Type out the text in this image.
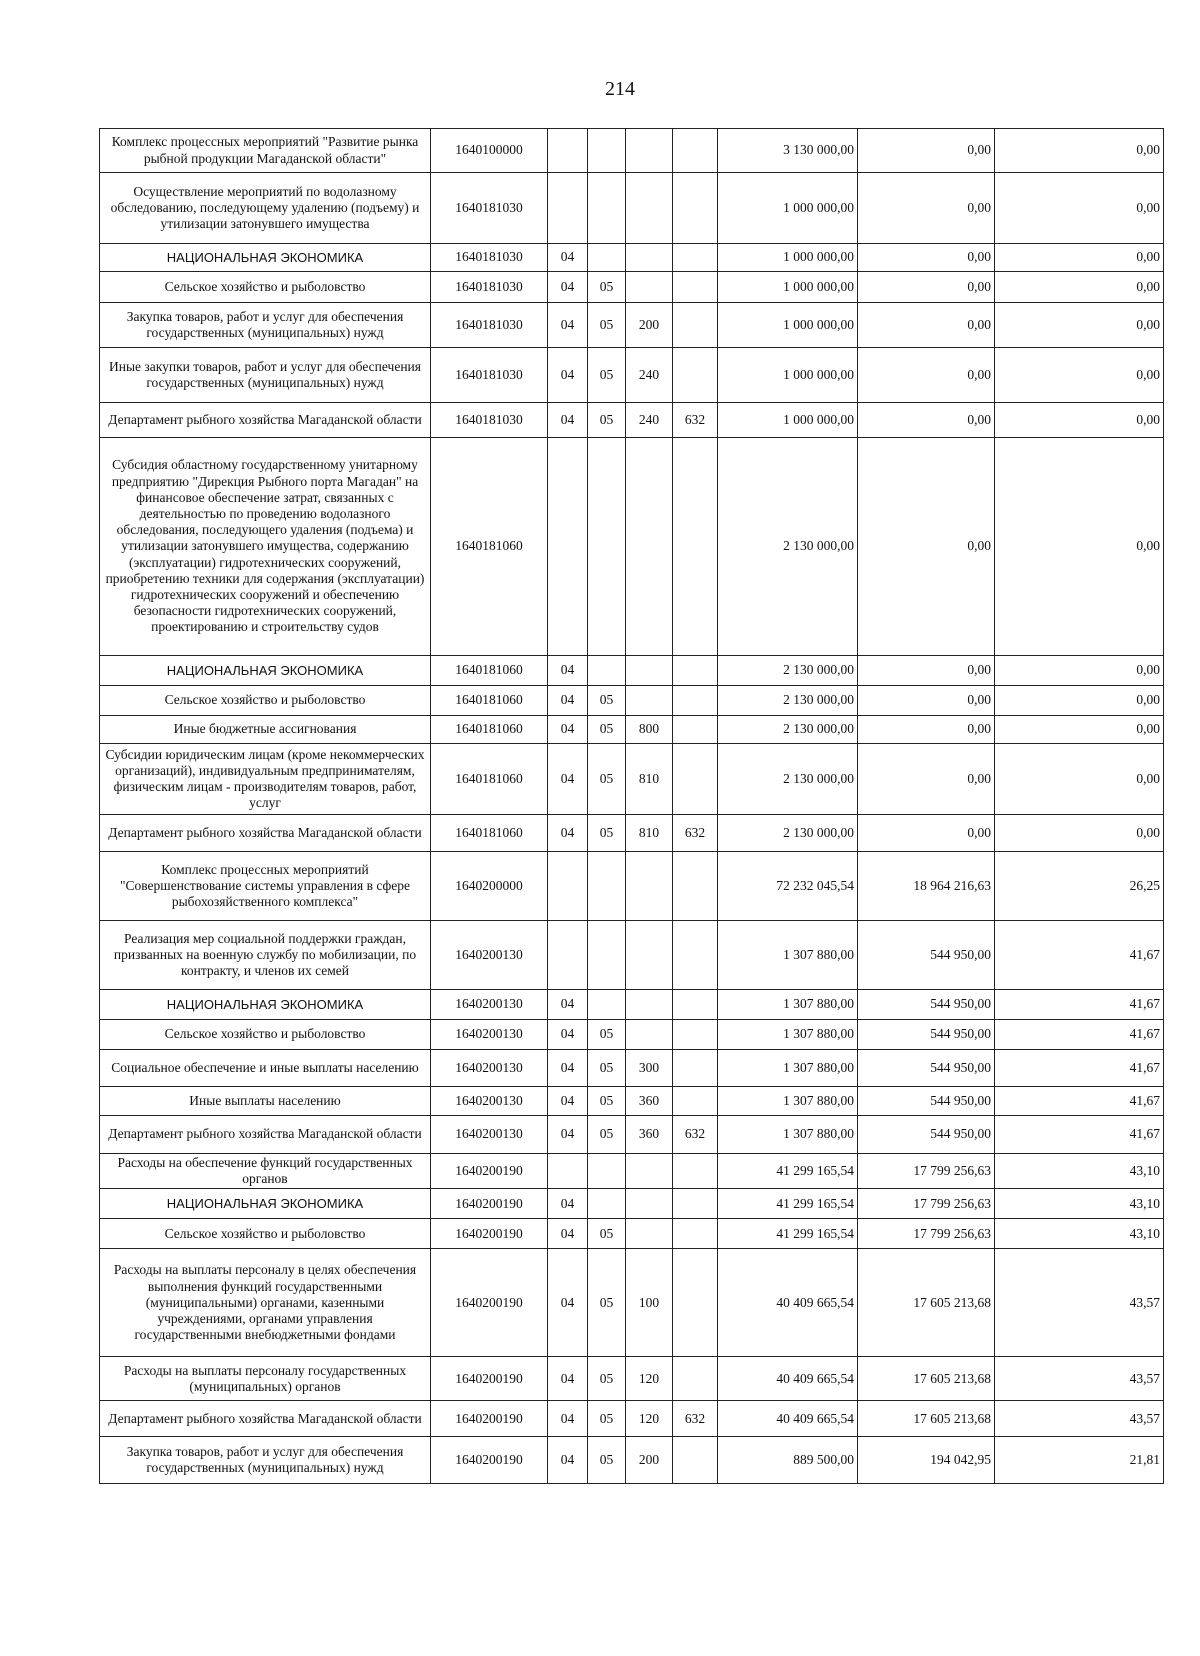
214
Комплекс процессных мероприятий "Развитие рынка рыбной продукции Магаданской области"	1640100000					3 130 000,00	0,00	0,00
Осуществление мероприятий по водолазному обследованию, последующему удалению (подъему) и утилизации затонувшего имущества	1640181030					1 000 000,00	0,00	0,00
НАЦИОНАЛЬНАЯ ЭКОНОМИКА	1640181030	04				1 000 000,00	0,00	0,00
Сельское хозяйство и рыболовство	1640181030	04	05			1 000 000,00	0,00	0,00
Закупка товаров, работ и услуг для обеспечения государственных (муниципальных) нужд	1640181030	04	05	200		1 000 000,00	0,00	0,00
Иные закупки товаров, работ и услуг для обеспечения государственных (муниципальных) нужд	1640181030	04	05	240		1 000 000,00	0,00	0,00
Департамент рыбного хозяйства Магаданской области	1640181030	04	05	240	632	1 000 000,00	0,00	0,00
Субсидия областному государственному унитарному предприятию "Дирекция Рыбного порта Магадан" на финансовое обеспечение затрат, связанных с деятельностью по проведению водолазного обследования, последующего удаления (подъема) и утилизации затонувшего имущества, содержанию (эксплуатации) гидротехнических сооружений, приобретению техники для содержания (эксплуатации) гидротехнических сооружений и обеспечению безопасности гидротехнических сооружений, проектированию и строительству судов	1640181060					2 130 000,00	0,00	0,00
НАЦИОНАЛЬНАЯ ЭКОНОМИКА	1640181060	04				2 130 000,00	0,00	0,00
Сельское хозяйство и рыболовство	1640181060	04	05			2 130 000,00	0,00	0,00
Иные бюджетные ассигнования	1640181060	04	05	800		2 130 000,00	0,00	0,00
Субсидии юридическим лицам (кроме некоммерческих организаций), индивидуальным предпринимателям, физическим лицам - производителям товаров, работ, услуг	1640181060	04	05	810		2 130 000,00	0,00	0,00
Департамент рыбного хозяйства Магаданской области	1640181060	04	05	810	632	2 130 000,00	0,00	0,00
Комплекс процессных мероприятий "Совершенствование системы управления в сфере рыбохозяйственного комплекса"	1640200000					72 232 045,54	18 964 216,63	26,25
Реализация мер социальной поддержки граждан, призванных на военную службу по мобилизации, по контракту, и членов их семей	1640200130					1 307 880,00	544 950,00	41,67
НАЦИОНАЛЬНАЯ ЭКОНОМИКА	1640200130	04				1 307 880,00	544 950,00	41,67
Сельское хозяйство и рыболовство	1640200130	04	05			1 307 880,00	544 950,00	41,67
Социальное обеспечение и иные выплаты населению	1640200130	04	05	300		1 307 880,00	544 950,00	41,67
Иные выплаты населению	1640200130	04	05	360		1 307 880,00	544 950,00	41,67
Департамент рыбного хозяйства Магаданской области	1640200130	04	05	360	632	1 307 880,00	544 950,00	41,67
Расходы на обеспечение функций государственных органов	1640200190					41 299 165,54	17 799 256,63	43,10
НАЦИОНАЛЬНАЯ ЭКОНОМИКА	1640200190	04				41 299 165,54	17 799 256,63	43,10
Сельское хозяйство и рыболовство	1640200190	04	05			41 299 165,54	17 799 256,63	43,10
Расходы на выплаты персоналу в целях обеспечения выполнения функций государственными (муниципальными) органами, казенными учреждениями, органами управления государственными внебюджетными фондами	1640200190	04	05	100		40 409 665,54	17 605 213,68	43,57
Расходы на выплаты персоналу государственных (муниципальных) органов	1640200190	04	05	120		40 409 665,54	17 605 213,68	43,57
Департамент рыбного хозяйства Магаданской области	1640200190	04	05	120	632	40 409 665,54	17 605 213,68	43,57
Закупка товаров, работ и услуг для обеспечения государственных (муниципальных) нужд	1640200190	04	05	200		889 500,00	194 042,95	21,81
